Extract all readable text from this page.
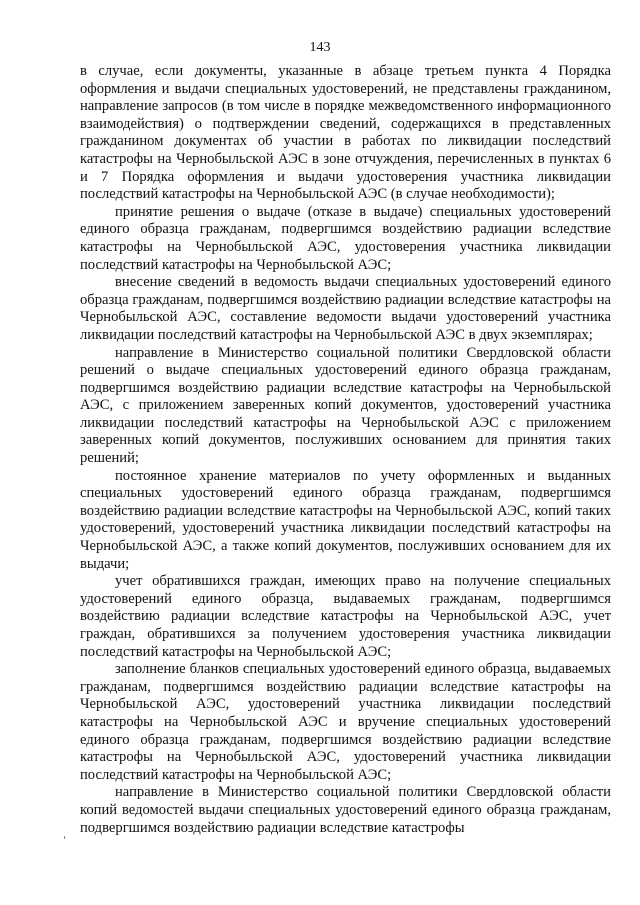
143

в случае, если документы, указанные в абзаце третьем пункта 4 Порядка оформления и выдачи специальных удостоверений, не представлены гражданином, направление запросов (в том числе в порядке межведомственного информационного взаимодействия) о подтверждении сведений, содержащихся в представленных гражданином документах об участии в работах по ликвидации последствий катастрофы на Чернобыльской АЭС в зоне отчуждения, перечисленных в пунктах 6 и 7 Порядка оформления и выдачи удостоверения участника ликвидации последствий катастрофы на Чернобыльской АЭС (в случае необходимости);

принятие решения о выдаче (отказе в выдаче) специальных удостоверений единого образца гражданам, подвергшимся воздействию радиации вследствие катастрофы на Чернобыльской АЭС, удостоверения участника ликвидации последствий катастрофы на Чернобыльской АЭС;

внесение сведений в ведомость выдачи специальных удостоверений единого образца гражданам, подвергшимся воздействию радиации вследствие катастрофы на Чернобыльской АЭС, составление ведомости выдачи удостоверений участника ликвидации последствий катастрофы на Чернобыльской АЭС в двух экземплярах;

направление в Министерство социальной политики Свердловской области решений о выдаче специальных удостоверений единого образца гражданам, подвергшимся воздействию радиации вследствие катастрофы на Чернобыльской АЭС, с приложением заверенных копий документов, удостоверений участника ликвидации последствий катастрофы на Чернобыльской АЭС с приложением заверенных копий документов, послуживших основанием для принятия таких решений;

постоянное хранение материалов по учету оформленных и выданных специальных удостоверений единого образца гражданам, подвергшимся воздействию радиации вследствие катастрофы на Чернобыльской АЭС, копий таких удостоверений, удостоверений участника ликвидации последствий катастрофы на Чернобыльской АЭС, а также копий документов, послуживших основанием для их выдачи;

учет обратившихся граждан, имеющих право на получение специальных удостоверений единого образца, выдаваемых гражданам, подвергшимся воздействию радиации вследствие катастрофы на Чернобыльской АЭС, учет граждан, обратившихся за получением удостоверения участника ликвидации последствий катастрофы на Чернобыльской АЭС;

заполнение бланков специальных удостоверений единого образца, выдаваемых гражданам, подвергшимся воздействию радиации вследствие катастрофы на Чернобыльской АЭС, удостоверений участника ликвидации последствий катастрофы на Чернобыльской АЭС и вручение специальных удостоверений единого образца гражданам, подвергшимся воздействию радиации вследствие катастрофы на Чернобыльской АЭС, удостоверений участника ликвидации последствий катастрофы на Чернобыльской АЭС;

направление в Министерство социальной политики Свердловской области копий ведомостей выдачи специальных удостоверений единого образца гражданам, подвергшимся воздействию радиации вследствие катастрофы
